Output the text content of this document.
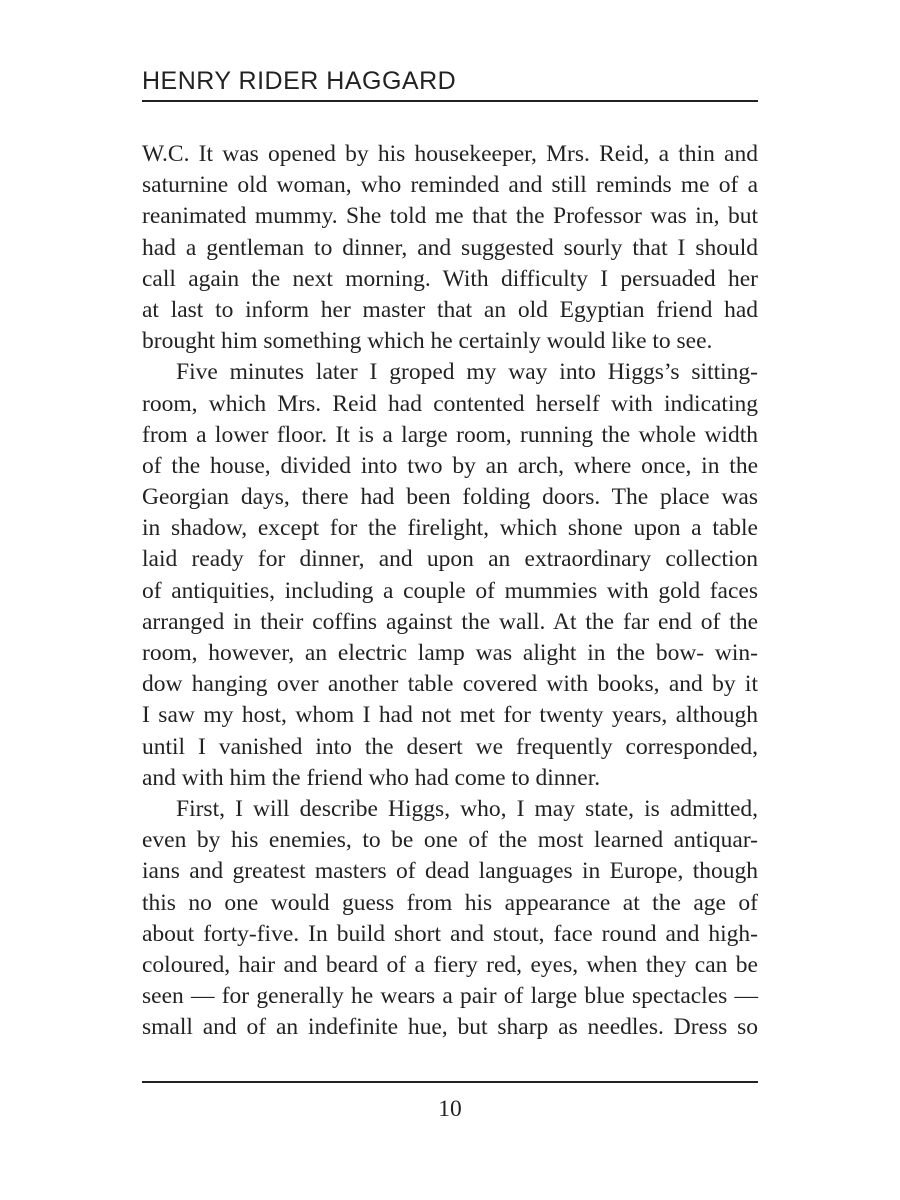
HENRY RIDER HAGGARD
W.C. It was opened by his housekeeper, Mrs. Reid, a thin and
saturnine old woman, who reminded and still reminds me of a
reanimated mummy. She told me that the Professor was in, but
had a gentleman to dinner, and suggested sourly that I should
call again the next morning. With difficulty I persuaded her
at last to inform her master that an old Egyptian friend had
brought him something which he certainly would like to see.
Five minutes later I groped my way into Higgs’s sitting-
room, which Mrs. Reid had contented herself with indicating
from a lower floor. It is a large room, running the whole width
of the house, divided into two by an arch, where once, in the
Georgian days, there had been folding doors. The place was
in shadow, except for the firelight, which shone upon a table
laid ready for dinner, and upon an extraordinary collection
of antiquities, including a couple of mummies with gold faces
arranged in their coffins against the wall. At the far end of the
room, however, an electric lamp was alight in the bow- win-
dow hanging over another table covered with books, and by it
I saw my host, whom I had not met for twenty years, although
until I vanished into the desert we frequently corresponded,
and with him the friend who had come to dinner.
First, I will describe Higgs, who, I may state, is admitted,
even by his enemies, to be one of the most learned antiquar-
ians and greatest masters of dead languages in Europe, though
this no one would guess from his appearance at the age of
about forty-five. In build short and stout, face round and high-
coloured, hair and beard of a fiery red, eyes, when they can be
seen — for generally he wears a pair of large blue spectacles —
small and of an indefinite hue, but sharp as needles. Dress so
10
